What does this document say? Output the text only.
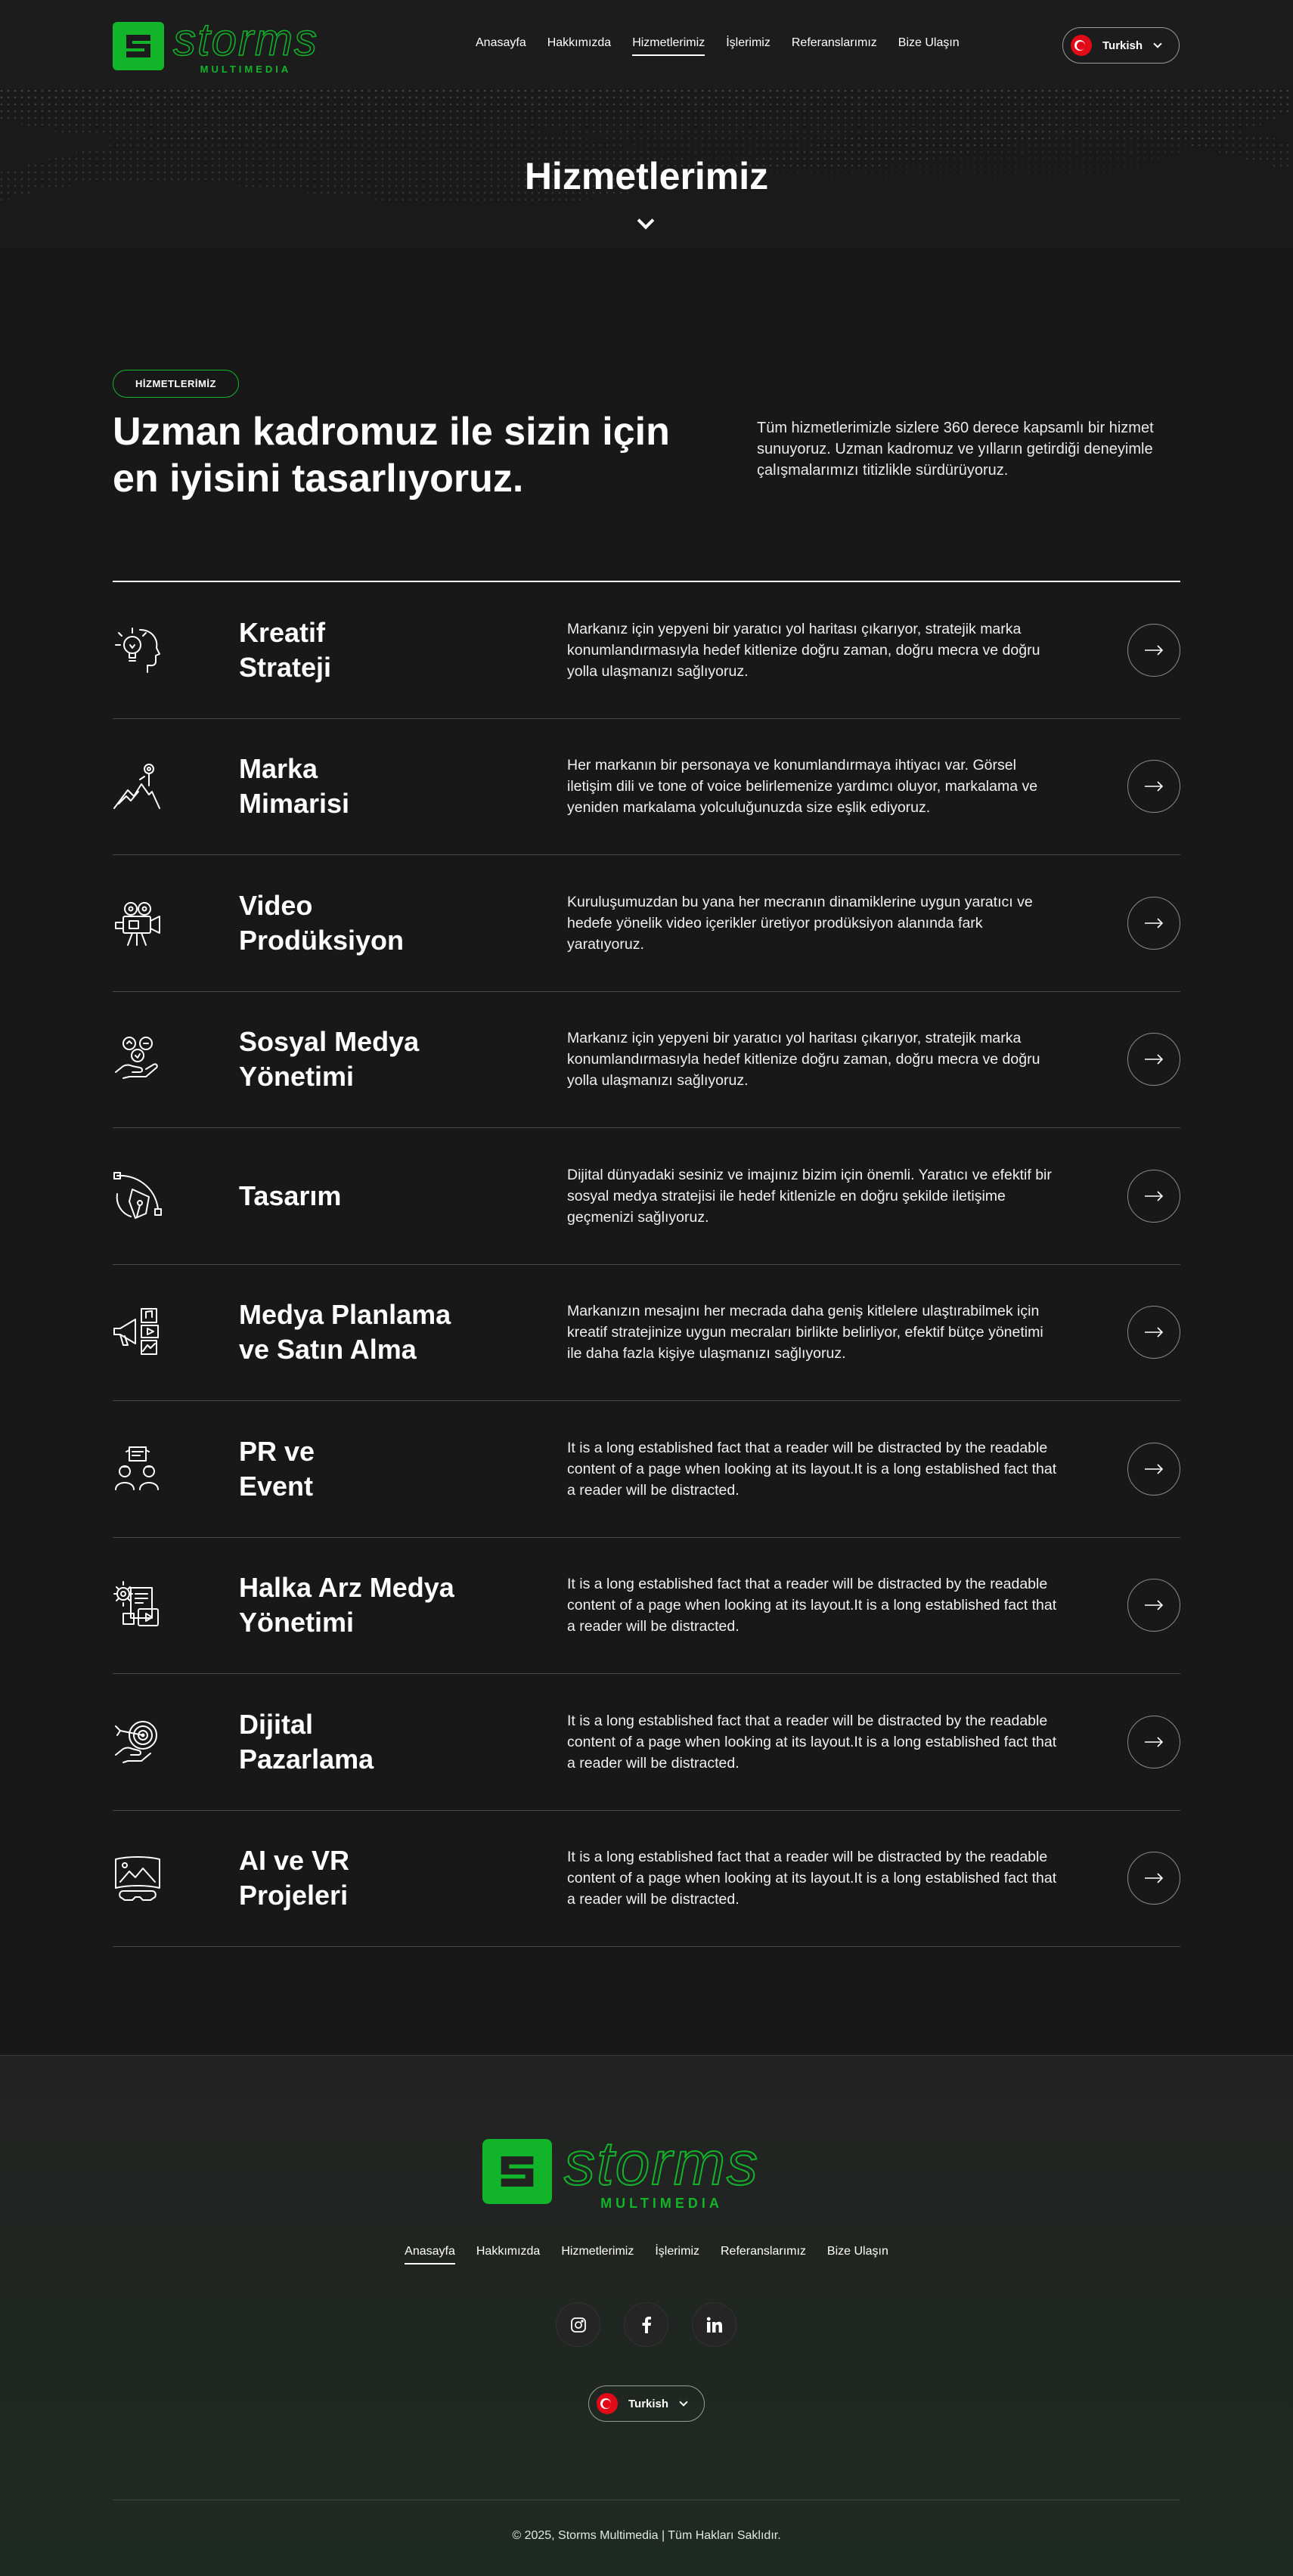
storms
MULTIMEDIA
Anasayfa	Hakkımızda	Hizmetlerimiz	İşlerimiz	Referanslarımız	Bize Ulaşın	Turkish
Hizmetlerimiz
HİZMETLERİMİZ
Uzman kadromuz ile sizin için en iyisini tasarlıyoruz.

Tüm hizmetlerimizle sizlere 360 derece kapsamlı bir hizmet sunuyoruz. Uzman kadromuz ve yılların getirdiği deneyimle çalışmalarımızı titizlikle sürdürüyoruz.

Kreatif
Strateji

Markanız için yepyeni bir yaratıcı yol haritası çıkarıyor, stratejik marka konumlandırmasıyla hedef kitlenize doğru zaman, doğru mecra ve doğru yolla ulaşmanızı sağlıyoruz.

Marka
Mimarisi

Her markanın bir personaya ve konumlandırmaya ihtiyacı var. Görsel iletişim dili ve tone of voice belirlemenize yardımcı oluyor, markalama ve yeniden markalama yolculuğunuzda size eşlik ediyoruz.

Video
Prodüksiyon

Kuruluşumuzdan bu yana her mecranın dinamiklerine uygun yaratıcı ve hedefe yönelik video içerikler üretiyor prodüksiyon alanında fark yaratıyoruz.

Sosyal Medya
Yönetimi

Markanız için yepyeni bir yaratıcı yol haritası çıkarıyor, stratejik marka konumlandırmasıyla hedef kitlenize doğru zaman, doğru mecra ve doğru yolla ulaşmanızı sağlıyoruz.

Tasarım

Dijital dünyadaki sesiniz ve imajınız bizim için önemli. Yaratıcı ve efektif bir sosyal medya stratejisi ile hedef kitlenizle en doğru şekilde iletişime geçmenizi sağlıyoruz.

Medya Planlama
ve Satın Alma

Markanızın mesajını her mecrada daha geniş kitlelere ulaştırabilmek için kreatif stratejinize uygun mecraları birlikte belirliyor, efektif bütçe yönetimi ile daha fazla kişiye ulaşmanızı sağlıyoruz.

PR ve
Event

It is a long established fact that a reader will be distracted by the readable content of a page when looking at its layout.It is a long established fact that a reader will be distracted.

Halka Arz Medya
Yönetimi

It is a long established fact that a reader will be distracted by the readable content of a page when looking at its layout.It is a long established fact that a reader will be distracted.

Dijital
Pazarlama

It is a long established fact that a reader will be distracted by the readable content of a page when looking at its layout.It is a long established fact that a reader will be distracted.

AI ve VR
Projeleri

It is a long established fact that a reader will be distracted by the readable content of a page when looking at its layout.It is a long established fact that a reader will be distracted.

storms
MULTIMEDIA
Anasayfa	Hakkımızda	Hizmetlerimiz	İşlerimiz	Referanslarımız	Bize Ulaşın
Turkish

© 2025, Storms Multimedia | Tüm Hakları Saklıdır.
